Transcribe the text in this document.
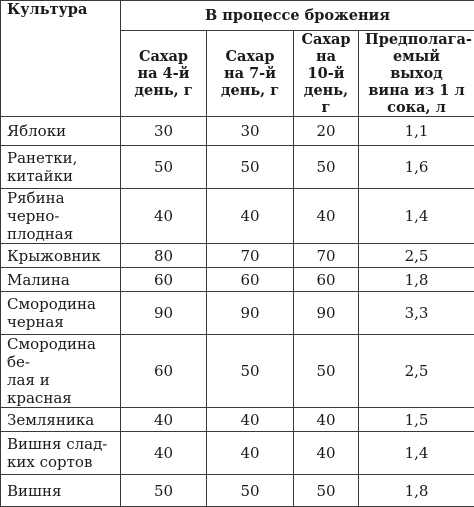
Культура	В процессе брожения			
	Сахар
на 4-й
день, г	Сахар
на 7-й
день, г	Сахар
на
10-й
день, г	Предполага-
емый выход
вина из 1 л
сока, л
Яблоки	30	30	20	1,1
Ранетки,
китайки	50	50	50	1,6
Рябина черно-
плодная	40	40	40	1,4
Крыжовник	80	70	70	2,5
Малина	60	60	60	1,8
Смородина
черная	90	90	90	3,3
Смородина бе-
лая и красная	60	50	50	2,5
Земляника	40	40	40	1,5
Вишня слад-
ких сортов	40	40	40	1,4
Вишня	50	50	50	1,8
